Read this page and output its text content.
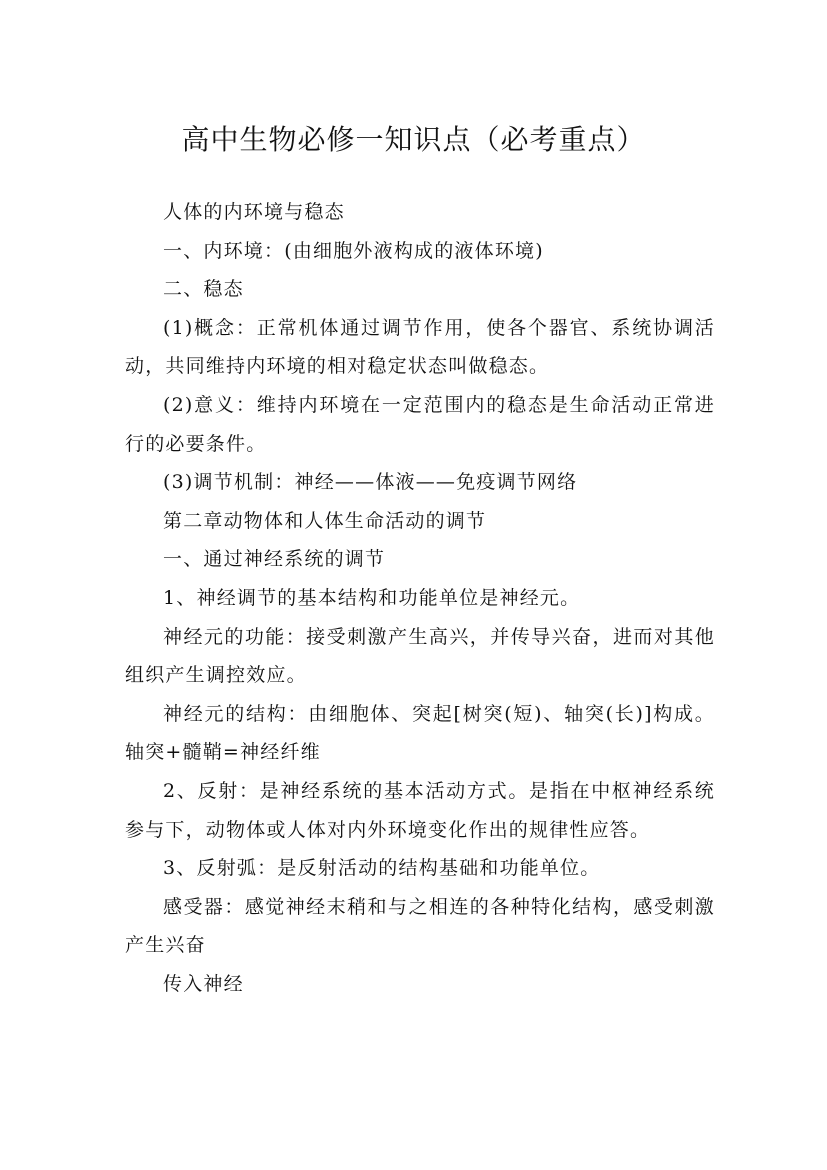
高中生物必修一知识点（必考重点）

人体的内环境与稳态

一、内环境：(由细胞外液构成的液体环境)

二、稳态

(1)概念：正常机体通过调节作用，使各个器官、系统协调活动，共同维持内环境的相对稳定状态叫做稳态。

(2)意义：维持内环境在一定范围内的稳态是生命活动正常进行的必要条件。

(3)调节机制：神经——体液——免疫调节网络

第二章动物体和人体生命活动的调节

一、通过神经系统的调节

1、神经调节的基本结构和功能单位是神经元。

神经元的功能：接受刺激产生高兴，并传导兴奋，进而对其他组织产生调控效应。

神经元的结构：由细胞体、突起[树突(短)、轴突(长)]构成。轴突+髓鞘=神经纤维

2、反射：是神经系统的基本活动方式。是指在中枢神经系统参与下，动物体或人体对内外环境变化作出的规律性应答。

3、反射弧：是反射活动的结构基础和功能单位。

感受器：感觉神经末稍和与之相连的各种特化结构，感受刺激产生兴奋

传入神经
